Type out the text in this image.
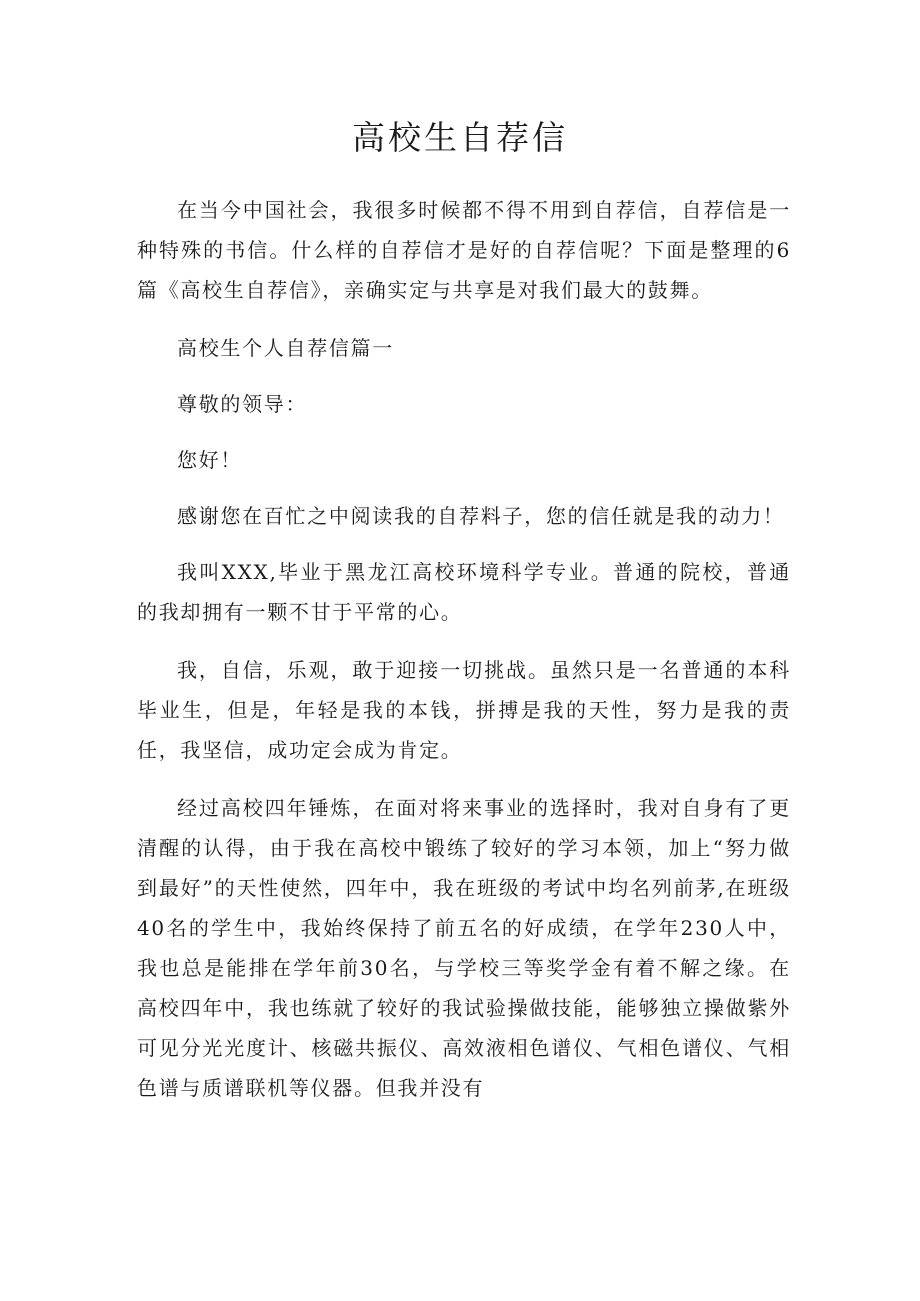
高校生自荐信

在当今中国社会，我很多时候都不得不用到自荐信，自荐信是一种特殊的书信。什么样的自荐信才是好的自荐信呢？下面是整理的6篇《高校生自荐信》，亲确实定与共享是对我们最大的鼓舞。

高校生个人自荐信篇一

尊敬的领导：

您好！

感谢您在百忙之中阅读我的自荐料子，您的信任就是我的动力！

我叫XXX,毕业于黑龙江高校环境科学专业。普通的院校，普通的我却拥有一颗不甘于平常的心。

我，自信，乐观，敢于迎接一切挑战。虽然只是一名普通的本科毕业生，但是，年轻是我的本钱，拼搏是我的天性，努力是我的责任，我坚信，成功定会成为肯定。

经过高校四年锤炼，在面对将来事业的选择时，我对自身有了更清醒的认得，由于我在高校中锻练了较好的学习本领，加上“努力做到最好”的天性使然，四年中，我在班级的考试中均名列前茅,在班级40名的学生中，我始终保持了前五名的好成绩，在学年230人中，我也总是能排在学年前30名，与学校三等奖学金有着不解之缘。在高校四年中，我也练就了较好的我试验操做技能，能够独立操做紫外可见分光光度计、核磁共振仪、高效液相色谱仪、气相色谱仪、气相色谱与质谱联机等仪器。但我并没有
